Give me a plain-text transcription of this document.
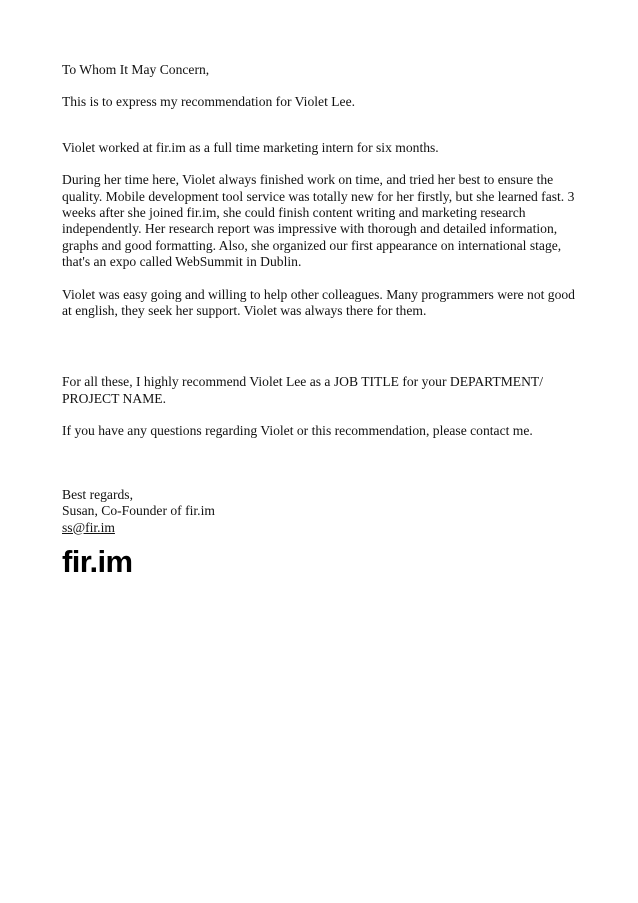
To Whom It May Concern,

This is to express my recommendation for Violet Lee.

Violet worked at fir.im as a full time marketing intern for six months.

During her time here, Violet always finished work on time, and tried her best to ensure the quality. Mobile development tool service was totally new for her firstly, but she learned fast. 3 weeks after she joined fir.im, she could finish content writing and marketing research independently. Her research report was impressive with thorough and detailed information, graphs and good formatting. Also, she organized our first appearance on international stage, that's an expo called WebSummit in Dublin.

Violet was easy going and willing to help other colleagues. Many programmers were not good at english, they seek her support. Violet was always there for them.

For all these, I highly recommend Violet Lee as a JOB TITLE for your DEPARTMENT/ PROJECT NAME.

If you have any questions regarding Violet or this recommendation, please contact me.

Best regards,

Susan, Co-Founder of fir.im

ss@fir.im

fir.im
